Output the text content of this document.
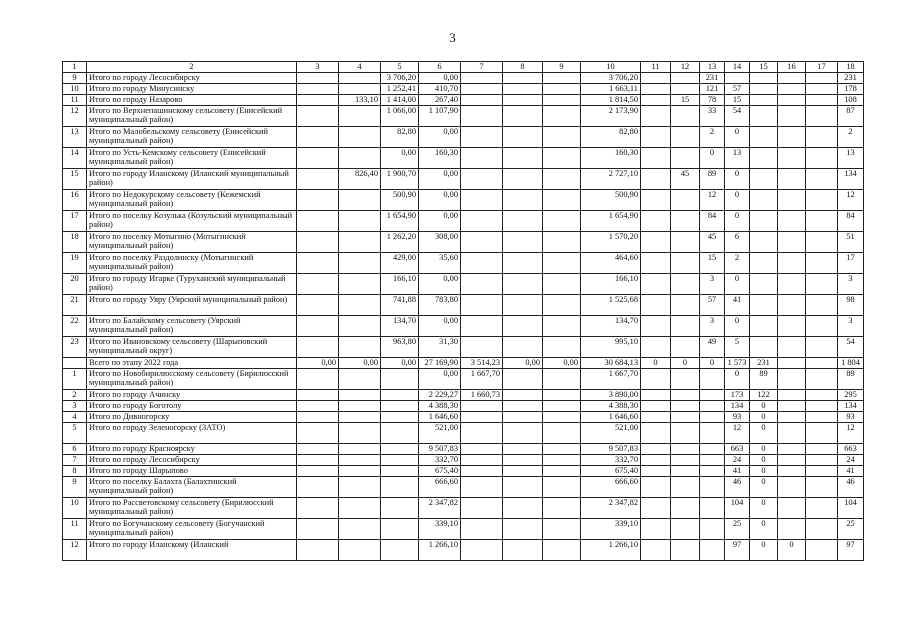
3
1	2	3	4	5	6	7	8	9	10	11	12	13	14	15	16	17	18
9	Итого по городу Лесосибирску			3 706,20	0,00				3 706,20			231					231
10	Итого по городу Минусинску			1 252,41	410,70				1 663,11			121	57				178
11	Итого по городу Назарово		133,10	1 414,00	267,40				1 814,50		15	78	15				108
12	Итого по Верхнепашинскому сельсовету (Енисейский муниципальный район)			1 066,00	1 107,90				2 173,90			33	54				87
13	Итого по Малобельскому сельсовету (Енисейский муниципальный район)			82,80	0,00				82,80			2	0				2
14	Итого по Усть-Кемскому сельсовету (Енисейский муниципальный район)			0,00	160,30				160,30			0	13				13
15	Итого по городу Иланскому (Иланский муниципальный район)		826,40	1 900,70	0,00				2 727,10		45	89	0				134
16	Итого по Недокурскому сельсовету (Кежемский муниципальный район)			500,90	0,00				500,90			12	0				12
17	Итого по поселку Козулька (Козульский муниципальный район)			1 654,90	0,00				1 654,90			84	0				84
18	Итого по поселку Мотыгино (Мотыгинский муниципальный район)			1 262,20	308,00				1 570,20			45	6				51
19	Итого по поселку Раздолинску (Мотыгинский муниципальный район)			429,00	35,60				464,60			15	2				17
20	Итого по городу Игарке (Туруханский муниципальный район)			166,10	0,00				166,10			3	0				3
21	Итого по городу Уяру (Уярский муниципальный район)			741,88	783,80				1 525,68			57	41				98
22	Итого по Балайскому сельсовету (Уярский муниципальный район)			134,70	0,00				134,70			3	0				3
23	Итого по Ивановскому сельсовету (Шарыповский муниципальный округ)			963,80	31,30				995,10			49	5				54
	Всего по этапу 2022 года	0,00	0,00	0,00	27 169,90	3 514,23	0,00	0,00	30 684,13	0	0	0	1 573	231			1 804
1	Итого по Новобирилюсскому сельсовету (Бирилюсский муниципальный район)				0,00	1 667,70			1 667,70				0	89			89
2	Итого по городу Ачинску				2 229,27	1 660,73			3 890,00				173	122			295
3	Итого по городу Боготолу				4 388,30				4 388,30				134	0			134
4	Итого по Дивногорску				1 646,60				1 646,60				93	0			93
5	Итого по городу Зеленогорску (ЗАТО)				521,00				521,00				12	0			12
6	Итого по городу Красноярску				9 507,83				9 507,83				663	0			663
7	Итого по городу Лесосибирску				332,70				332,70				24	0			24
8	Итого по городу Шарыпово				675,40				675,40				41	0			41
9	Итого по поселку Балахта (Балахтинский муниципальный район)				666,60				666,60				46	0			46
10	Итого по Рассветовскому сельсовету (Бирилюсский муниципальный район)				2 347,82				2 347,82				104	0			104
11	Итого по Богучанскому сельсовету (Богучанский муниципальный район)				339,10				339,10				25	0			25
12	Итого по городу Иланскому (Иланский				1 266,10				1 266,10				97	0	0		97
